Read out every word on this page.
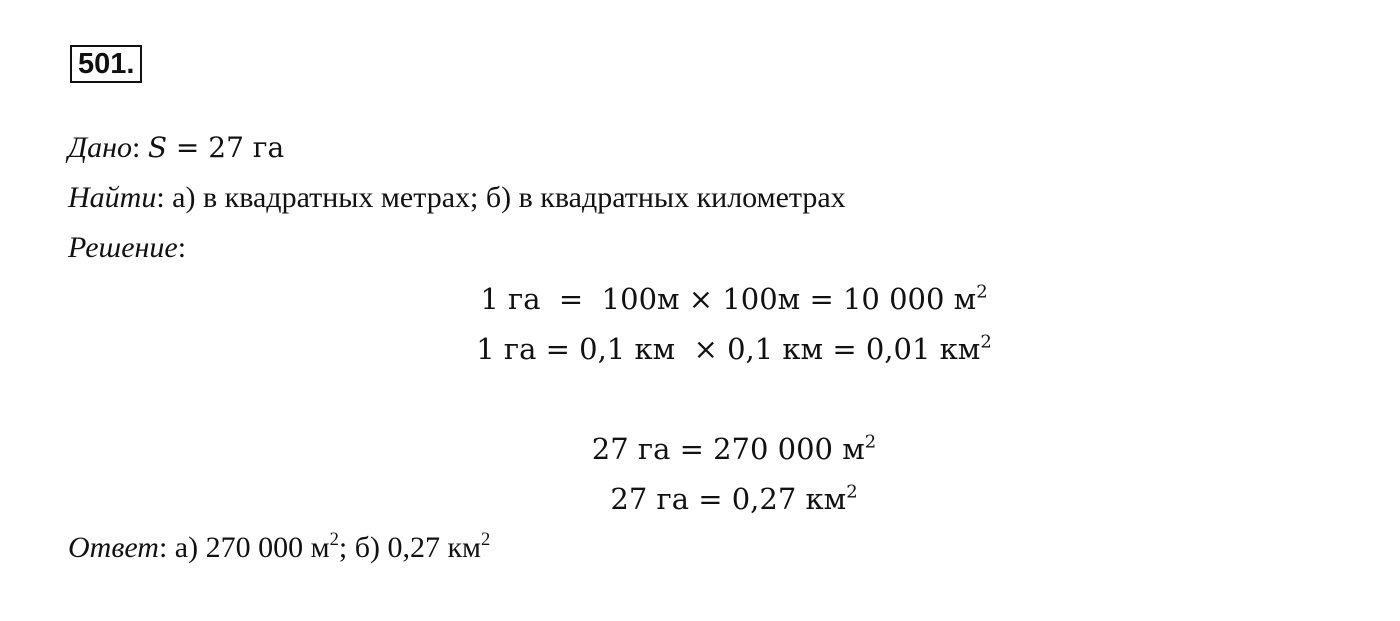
501.
Дано: S = 27 га
Найти: а) в квадратных метрах; б) в квадратных километрах
Решение:
1 га  =  100м × 100м = 10 000 $м^2$
1 га = 0,1 км  × 0,1 км = 0,01 $км^2$
27 га = 270 000 $м^2$
27 га = 0,27 $км^2$
Ответ: а) 270 000 $м^2$; б) 0,27 $км^2$
